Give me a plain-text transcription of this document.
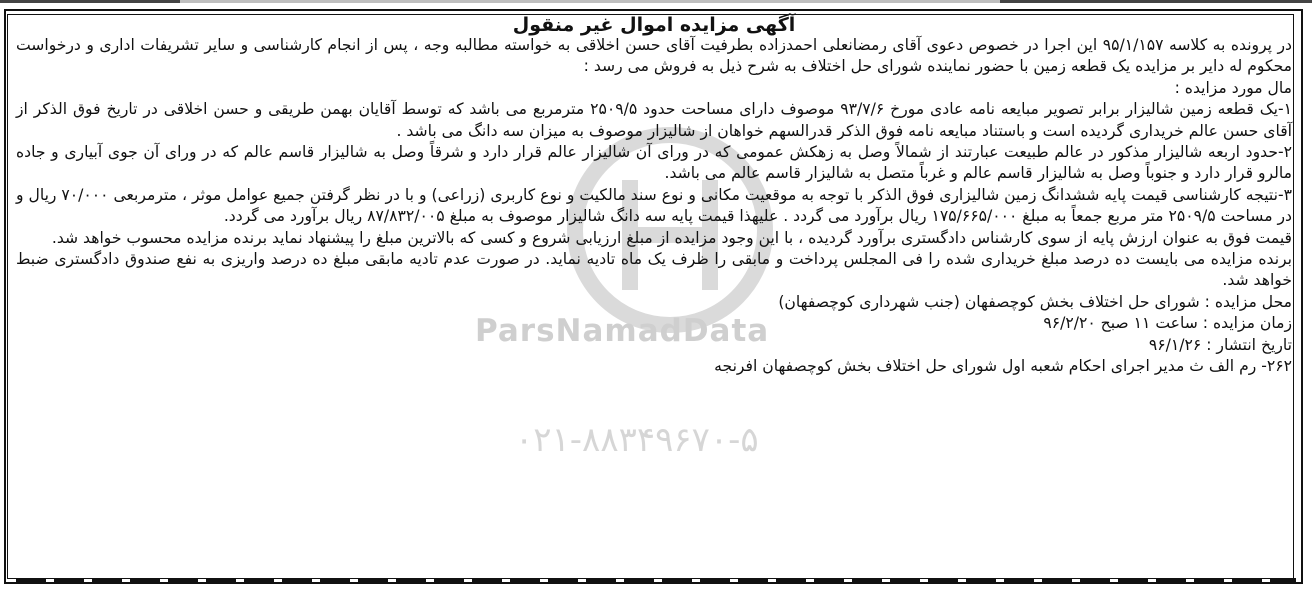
ParsNamadData
۰۲۱-۸۸۳۴۹۶۷۰-۵

آگهی مزایده اموال غیر منقول

در پرونده به کلاسه ۹۵/۱/۱۵۷ این اجرا در خصوص دعوی آقای رمضانعلی احمدزاده بطرفیت آقای حسن اخلاقی به خواسته مطالبه وجه ، پس از انجام کارشناسی و سایر تشریفات اداری و درخواست محکوم له دایر بر مزایده یک قطعه زمین با حضور نماینده شورای حل اختلاف به شرح ذیل به فروش می رسد :

مال مورد مزایده :

۱-یک قطعه زمین شالیزار برابر تصویر مبایعه نامه عادی مورخ ۹۳/۷/۶ موصوف دارای مساحت حدود ۲۵۰۹/۵ مترمربع می باشد که توسط آقایان بهمن طریقی و حسن اخلاقی در تاریخ فوق الذکر از آقای حسن عالم خریداری گردیده است و باستناد مبایعه نامه فوق الذکر قدرالسهم خواهان از شالیزار موصوف به میزان سه دانگ می باشد .

۲-حدود اربعه شالیزار مذکور در عالم طبیعت عبارتند از شمالاً وصل به زهکش عمومی که در ورای آن شالیزار عالم قرار دارد و شرقاً وصل به شالیزار قاسم عالم که در ورای آن جوی آبیاری و جاده مالرو قرار دارد و جنوباً وصل به شالیزار قاسم عالم و غرباً متصل به شالیزار قاسم عالم می باشد.

۳-نتیجه کارشناسی قیمت پایه ششدانگ زمین شالیزاری فوق الذکر با توجه به موقعیت مکانی و نوع سند مالکیت و نوع کاربری (زراعی) و با در نظر گرفتن جمیع عوامل موثر ، مترمربعی ۷۰/۰۰۰ ریال و در مساحت ۲۵۰۹/۵ متر مربع جمعاً به مبلغ ۱۷۵/۶۶۵/۰۰۰ ریال برآورد می گردد . علیهذا قیمت پایه سه دانگ شالیزار موصوف به مبلغ ۸۷/۸۳۲/۰۰۵ ریال برآورد می گردد.

قیمت فوق به عنوان ارزش پایه از سوی کارشناس دادگستری برآورد گردیده ، با این وجود مزایده از مبلغ ارزیابی شروع و کسی که بالاترین مبلغ را پیشنهاد نماید برنده مزایده محسوب خواهد شد.

برنده مزایده می بایست ده درصد مبلغ خریداری شده را فی المجلس پرداخت و مابقی را ظرف یک ماه تادیه نماید. در صورت عدم تادیه مابقی مبلغ ده درصد واریزی به نفع صندوق دادگستری ضبط خواهد شد.

محل مزایده : شورای حل اختلاف بخش کوچصفهان (جنب شهرداری کوچصفهان)

زمان مزایده : ساعت ۱۱ صبح ۹۶/۲/۲۰

تاریخ انتشار : ۹۶/۱/۲۶

۲۶۲- رم الف ث مدیر اجرای احکام شعبه اول شورای حل اختلاف بخش کوچصفهان افرنجه
